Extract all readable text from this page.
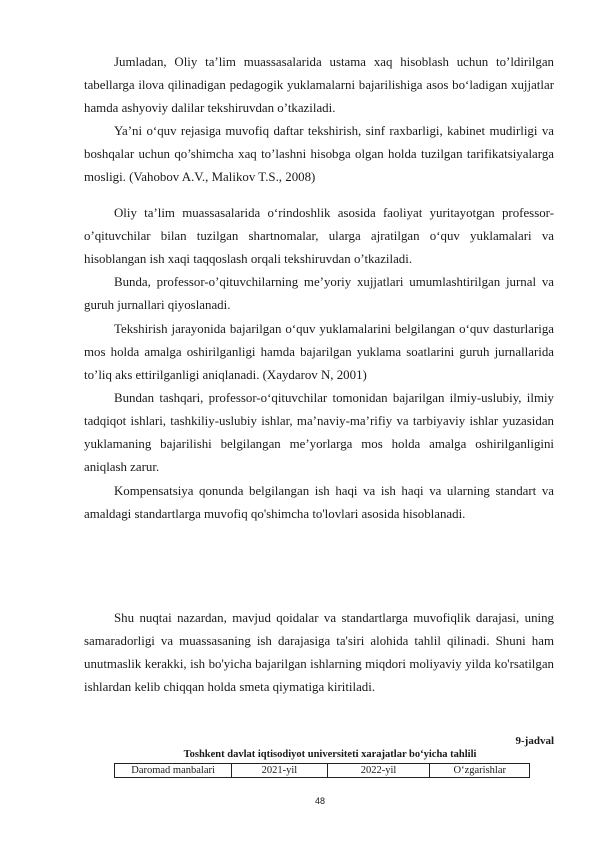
Jumladan, Oliy ta’lim muassasalarida ustama xaq hisoblash uchun to’ldirilgan tabellarga ilova qilinadigan pedagogik yuklamalarni bajarilishiga asos bo‘ladigan xujjatlar hamda ashyoviy dalilar tekshiruvdan o’tkaziladi.

Ya’ni o‘quv rejasiga muvofiq daftar tekshirish, sinf raxbarligi, kabinet mudirligi va boshqalar uchun qo’shimcha xaq to’lashni hisobga olgan holda tuzilgan tarifikatsiyalarga mosligi. (Vahobov A.V., Malikov T.S., 2008)

Oliy ta’lim muassasalarida o‘rindoshlik asosida faoliyat yuritayotgan professor-o’qituvchilar bilan tuzilgan shartnomalar, ularga ajratilgan o‘quv yuklamalari va hisoblangan ish xaqi taqqoslash orqali tekshiruvdan o’tkaziladi.

Bunda, professor-o’qituvchilarning me’yoriy xujjatlari umumlashtirilgan jurnal va guruh jurnallari qiyoslanadi.

Tekshirish jarayonida bajarilgan o‘quv yuklamalarini belgilangan o‘quv dasturlariga mos holda amalga oshirilganligi hamda bajarilgan yuklama soatlarini guruh jurnallarida to’liq aks ettirilganligi aniqlanadi. (Xaydarov N, 2001)

Bundan tashqari, professor-o‘qituvchilar tomonidan bajarilgan ilmiy-uslubiy, ilmiy tadqiqot ishlari, tashkiliy-uslubiy ishlar, ma’naviy-ma’rifiy va tarbiyaviy ishlar yuzasidan yuklamaning bajarilishi belgilangan me’yorlarga mos holda amalga oshirilganligini aniqlash zarur.

Kompensatsiya qonunda belgilangan ish haqi va ish haqi va ularning standart va amaldagi standartlarga muvofiq qo'shimcha to'lovlari asosida hisoblanadi.

Shu nuqtai nazardan, mavjud qoidalar va standartlarga muvofiqlik darajasi, uning samaradorligi va muassasaning ish darajasiga ta'siri alohida tahlil qilinadi. Shuni ham unutmaslik kerakki, ish bo'yicha bajarilgan ishlarning miqdori moliyaviy yilda ko'rsatilgan ishlardan kelib chiqqan holda smeta qiymatiga kiritiladi.

9-jadval

Toshkent davlat iqtisodiyot universiteti xarajatlar bo‘yicha tahlili

Daromad manbalari	2021-yil	2022-yil	O‘zgarishlar
48
